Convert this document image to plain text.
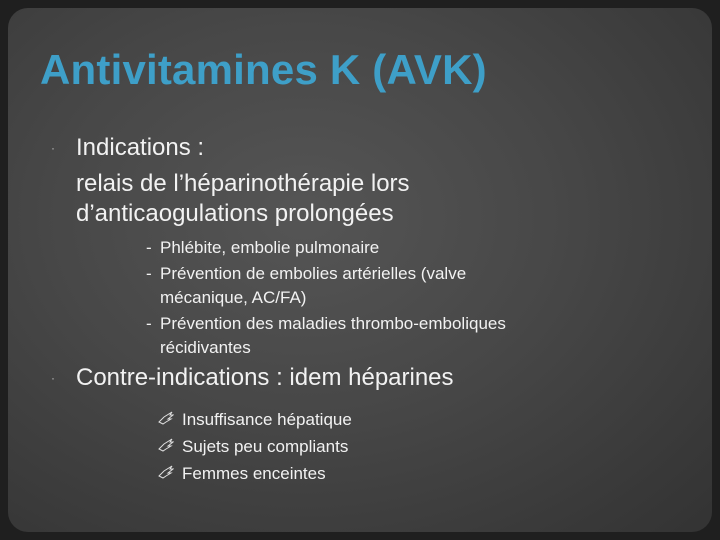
Antivitamines K (AVK)
· Indications :
relais de l’héparinothérapie lors
d’anticaogulations prolongées
- Phlébite, embolie pulmonaire
- Prévention de embolies artérielles (valve
mécanique, AC/FA)
- Prévention des maladies thrombo-emboliques
récidivantes
· Contre-indications : idem héparines
Insuffisance hépatique
Sujets peu compliants
Femmes enceintes
